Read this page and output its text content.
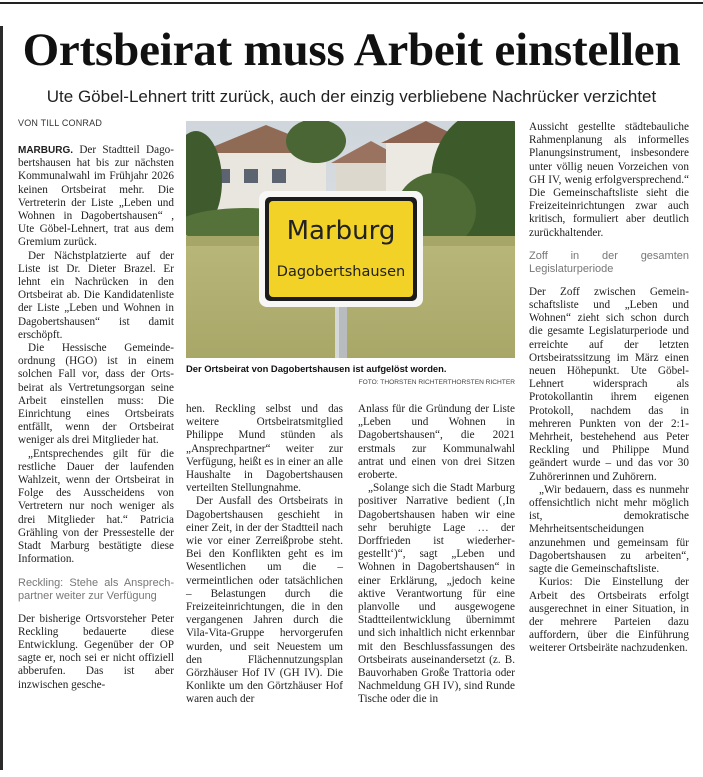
Ortsbeirat muss Arbeit einstellen
Ute Göbel-Lehnert tritt zurück, auch der einzig verbliebene Nachrücker verzichtet
VON TILL CONRAD

MARBURG. Der Stadtteil Dagobertshausen hat bis zur nächsten Kommunalwahl im Frühjahr 2026 keinen Ortsbeirat mehr. Die Vertreterin der Liste „Leben und Wohnen in Dagobertshausen“ , Ute Göbel-Lehnert, trat aus dem Gremium zurück.

Der Nächstplatzierte auf der Liste ist Dr. Dieter Brazel. Er lehnt ein Nachrücken in den Ortsbeirat ab. Die Kandidatenliste der Liste „Leben und Wohnen in Dagobertshausen“ ist damit erschöpft.

Die Hessische Gemeindeordnung (HGO) ist in einem solchen Fall vor, dass der Ortsbeirat als Vertretungsorgan seine Arbeit einstellen muss: Die Einrichtung eines Ortsbeirats entfällt, wenn der Ortsbeirat weniger als drei Mitglieder hat.

„Entsprechendes gilt für die restliche Dauer der laufenden Wahlzeit, wenn der Ortsbeirat in Folge des Ausscheidens von Vertretern nur noch weniger als drei Mitglieder hat.“ Patricia Grähling von der Pressestelle der Stadt Marburg bestätigte diese Information.

Reckling: Stehe als Ansprechpartner weiter zur Verfügung

Der bisherige Ortsvorsteher Peter Reckling bedauerte diese Entwicklung. Gegenüber der OP sagte er, noch sei er nicht offiziell abberufen. Das ist aber inzwischen gesche-

Marburg
Dagobertshausen
Der Ortsbeirat von Dagobertshausen ist aufgelöst worden.
FOTO: THORSTEN RICHTERTHORSTEN RICHTER

hen. Reckling selbst und das weitere Ortsbeiratsmitglied Philippe Mund stünden als „Ansprechpartner“ weiter zur Verfügung, heißt es in einer an alle Haushalte in Dagobertshausen verteilten Stellungnahme.

Der Ausfall des Ortsbeirats in Dagobertshausen geschieht in einer Zeit, in der der Stadtteil nach wie vor einer Zerreißprobe steht. Bei den Konflikten geht es im Wesentlichen um die – vermeintlichen oder tatsächlichen – Belastungen durch die Freizeiteinrichtungen, die in den vergangenen Jahren durch die Vila-Vita-Gruppe hervorgerufen wurden, und seit Neuestem um den Flächennutzungsplan Görzhäuser Hof IV (GH IV). Die Konlikte um den Görtzhäuser Hof waren auch der

Anlass für die Gründung der Liste „Leben und Wohnen in Dagobertshausen“, die 2021 erstmals zur Kommunalwahl antrat und einen von drei Sitzen eroberte.

„Solange sich die Stadt Marburg positiver Narrative bedient (‚In Dagobertshausen haben wir eine sehr beruhigte Lage … der Dorffrieden ist wiederhergestellt‘)“, sagt „Leben und Wohnen in Dagobertshausen“ in einer Erklärung, „jedoch keine aktive Verantwortung für eine planvolle und ausgewogene Stadtteilentwicklung übernimmt und sich inhaltlich nicht erkennbar mit den Beschlussfassungen des Ortsbeirats auseinandersetzt (z. B. Bauvorhaben Große Trattoria oder Nachmeldung GH IV), sind Runde Tische oder die in

Aussicht gestellte städtebauliche Rahmenplanung als informelles Planungsinstrument, insbesondere unter völlig neuen Vorzeichen von GH IV, wenig erfolgversprechend.“ Die Gemeinschaftsliste sieht die Freizeiteinrichtungen zwar auch kritisch, formuliert aber deutlich zurückhaltender.

Zoff in der gesamten Legislaturperiode

Der Zoff zwischen Gemeinschaftsliste und „Leben und Wohnen“ zieht sich schon durch die gesamte Legislaturperiode und erreichte auf der letzten Ortsbeiratssitzung im März einen neuen Höhepunkt. Ute Göbel-Lehnert widersprach als Protokollantin ihrem eigenen Protokoll, nachdem das in mehreren Punkten von der 2:1-Mehrheit, bestehehend aus Peter Reckling und Philippe Mund geändert wurde – und das vor 30 Zuhörerinnen und Zuhörern.

„Wir bedauern, dass es nunmehr offensichtlich nicht mehr möglich ist, demokratische Mehrheitsentscheidungen anzunehmen und gemeinsam für Dagobertshausen zu arbeiten“, sagte die Gemeinschaftsliste.

Kurios: Die Einstellung der Arbeit des Ortsbeirats erfolgt ausgerechnet in einer Situation, in der mehrere Parteien dazu auffordern, über die Einführung weiterer Ortsbeiräte nachzudenken.
